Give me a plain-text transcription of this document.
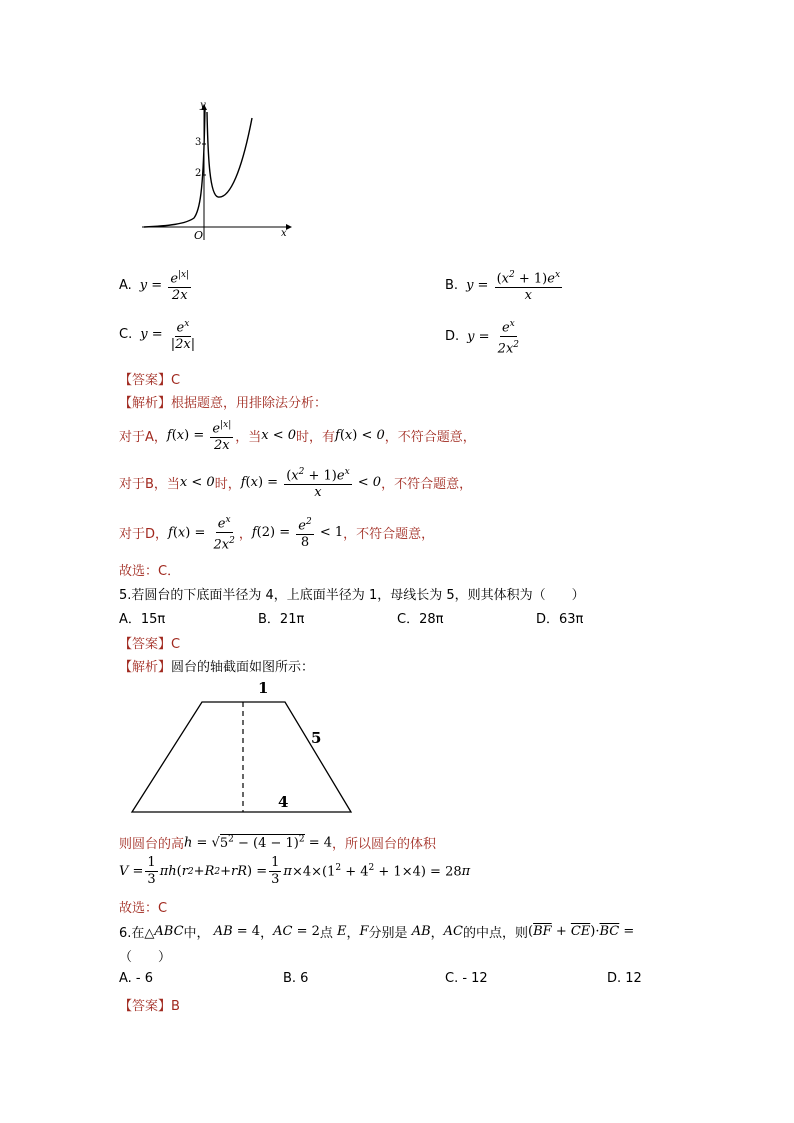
y
x
O
3
2
A. $y = \frac{e^{|x|}}{2x}$	B. $y = \frac{(x^2 + 1)e^x}{x}$
C. $y = \frac{e^x}{|2x|}$	D. $y = \frac{e^x}{2x^2}$
【答案】C
【解析】根据题意，用排除法分析：
对于A， $f(x) = \frac{e^{|x|}}{2x}$ ，当 x < 0 时，有 f(x) < 0 ，不符合题意，
对于B，当 x < 0 时， $f(x) = \frac{(x^2 + 1)e^x}{x} < 0$ ，不符合题意，
对于D， $f(x) = \frac{e^x}{2x^2}$ ， $f(2) = \frac{e^2}{8} < 1$ ，不符合题意，
故选：C．
5.若圆台的下底面半径为 4，上底面半径为 1，母线长为 5，则其体积为（　　）
A．15π	B．21π	C．28π	D．63π
【答案】C
【解析】圆台的轴截面如图所示：
1
5
4
则圆台的高 $h = √5^2 - (4 - 1)^2 = 4$ ，所以圆台的体积
$V = \frac{1}{3}$ πh ( r 2 + R 2 + rR ) = $\frac{1}{3}$ $\pi \times 4\times(1^2 + 4^2 + 1\times 4) = 28$ π
故选：C
6.在△ ABC 中， AB = 4 ， AC = 2 点 E ， F 分别是 AB ， AC 的中点，则 $(\overline{BF} + \overline{CE})\cdot\overline{BC}$ =
（　　）
A. - 6	B. 6	C. - 12	D. 12
【答案】B
